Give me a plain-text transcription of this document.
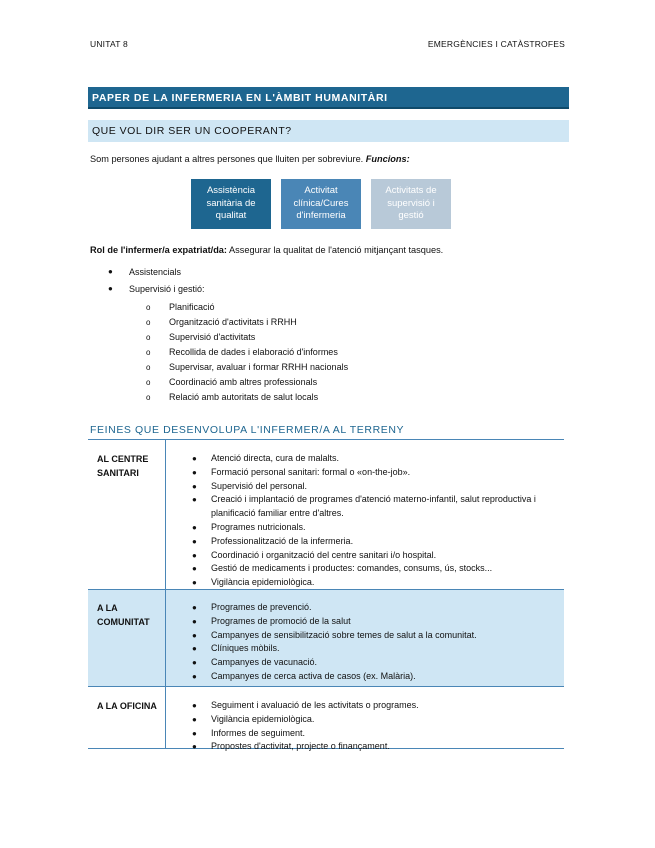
UNITAT 8	EMERGÈNCIES I CATÀSTROFES
PAPER DE LA INFERMERIA EN L'ÀMBIT HUMANITÀRI
QUE VOL DIR SER UN COOPERANT?
Som persones ajudant a altres persones que lluiten per sobreviure. Funcions:
Assistència sanitària de qualitat
Activitat clínica/Cures d'infermeria
Activitats de supervisió i gestió
Rol de l'infermer/a expatriat/da: Assegurar la qualitat de l'atenció mitjançant tasques.
● Assistencials
● Supervisió i gestió:
o Planificació
o Organització d'activitats i RRHH
o Supervisió d'activitats
o Recollida de dades i elaboració d'informes
o Supervisar, avaluar i formar RRHH nacionals
o Coordinació amb altres professionals
o Relació amb autoritats de salut locals
FEINES QUE DESENVOLUPA L'INFERMER/A AL TERRENY
AL CENTRE SANITARI
● Atenció directa, cura de malalts.
● Formació personal sanitari: formal o «on-the-job».
● Supervisió del personal.
● Creació i implantació de programes d'atenció materno-infantil, salut reproductiva i planificació familiar entre d'altres.
● Programes nutricionals.
● Professionalització de la infermeria.
● Coordinació i organització del centre sanitari i/o hospital.
● Gestió de medicaments i productes: comandes, consums, ús, stocks...
● Vigilància epidemiològica.
A LA COMUNITAT
● Programes de prevenció.
● Programes de promoció de la salut
● Campanyes de sensibilització sobre temes de salut a la comunitat.
● Clíniques mòbils.
● Campanyes de vacunació.
● Campanyes de cerca activa de casos (ex. Malària).
A LA OFICINA	● Seguiment i avaluació de les activitats o programes.
● Vigilància epidemiològica.
● Informes de seguiment.
● Propostes d'activitat, projecte o finançament.
